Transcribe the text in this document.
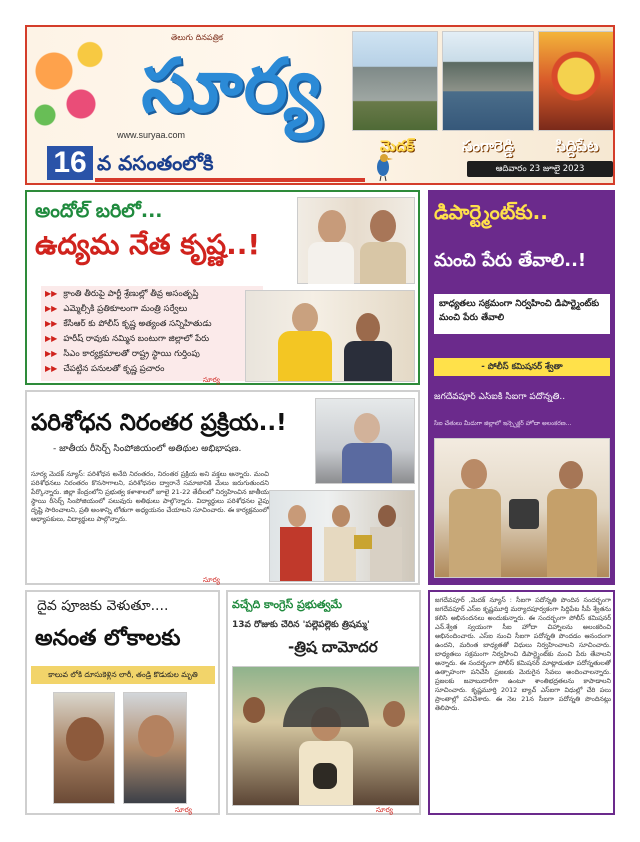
తెలుగు దినపత్రిక
సూర్య
www.suryaa.com
16 వ వసంతంలోకి
మెదక్	సంగారెడ్డి	సిద్దిపేట
ఆదివారం 23 జూలై 2023
అందోల్ బరిలో...
ఉద్యమ నేత కృష్ణ..!
▶▶ క్రాంతి తీరుపై పార్టీ శ్రేణుల్లో తీవ్ర అసంతృప్తి
▶▶ ఎమ్మెల్సీకి ప్రతికూలంగా మంత్రి సర్వేలు
▶▶ కేసీఆర్ కు పోలీస్ కృష్ణ అత్యంత సన్నిహితుడు
▶▶ హరీష్ రావుకు నమ్మిన బంటుగా జిల్లాలో పేరు
▶▶ సీఎం కార్యక్రమాలతో రాష్ట్ర స్థాయి గుర్తింపు
▶▶ చేపట్టిన పనులతో కృష్ణ ప్రచారం
సూర్య
పరిశోధన నిరంతర ప్రక్రియ..!
- జాతీయ రీసెర్చ్ సింపోజియంలో అతిథుల అభిభాషణ.
సూర్య మెదక్ న్యూస్: పరిశోధన అనేది నిరంతరం, నిరంతర ప్రక్రియ అని వక్తలు అన్నారు. మంచి పరిశోధనలు నిరంతరం కొనసాగాలని, పరిశోధనల ద్వారానే సమాజానికి మేలు జరుగుతుందని పేర్కొన్నారు. జిల్లా కేంద్రంలోని ప్రభుత్వ కళాశాలలో జూలై 21-22 తేదీలలో నిర్వహించిన జాతీయ స్థాయి రీసెర్చ్ సింపోజియంలో పలువురు అతిథులు పాల్గొన్నారు. విద్యార్థులు పరిశోధనల వైపు దృష్టి సారించాలని, ప్రతి అంశాన్ని లోతుగా అధ్యయనం చేయాలని సూచించారు. ఈ కార్యక్రమంలో అధ్యాపకులు, విద్యార్థులు పాల్గొన్నారు.
సూర్య
డిపార్ట్మెంట్‌కు..
మంచి పేరు తేవాలి..!
బాధ్యతలు సక్రమంగా నిర్వహించి డిపార్ట్మెంట్‌కు మంచి పేరు తేవాలి
- పోలీస్ కమిషనర్ శ్వేతా
జగదేవపూర్ ఎస్ఐకి సీఐగా పదోన్నతి..
సీఐ చేతులు మీదుగా జిల్లాలో ఇన్స్పెక్టర్ హోదా అలంకరణ...
దైవ పూజకు వెళుతూ....
అనంత లోకాలకు
కాలువ లోకి దూసుకెళ్లిన లారీ, తండ్రి కొడుకుల మృతి
సూర్య
వచ్చేది కాంగ్రెస్ ప్రభుత్వమే
13వ రోజుకు చేరిన 'పల్లెపల్లెకు త్రిషమ్మ'
-త్రిష దామోదర
సూర్య
జగదేవపూర్ ,మెదక్ న్యూస్ : సీఐగా పదోన్నతి పొందిన సందర్భంగా జగదేవపూర్ ఎస్ఐ కృష్ణమూర్తి మర్యాదపూర్వకంగా సిద్దిపేట సీపీ శ్వేతను కలిసి అభినందనలు అందుకున్నారు. ఈ సందర్భంగా పోలీస్ కమిషనర్ ఎన్.శ్వేత స్వయంగా సీఐ హోదా చిహ్నాలను అలంకరించి అభినందించారు. ఎస్ఐ నుంచి సీఐగా పదోన్నతి పొందడం ఆనందంగా ఉందని, మరింత బాధ్యతతో విధులు నిర్వహించాలని సూచించారు. బాధ్యతలు సక్రమంగా నిర్వహించి డిపార్ట్మెంట్‌కు మంచి పేరు తేవాలని అన్నారు. ఈ సందర్భంగా పోలీస్ కమిషనర్ మాట్లాడుతూ పదోన్నతులతో ఉత్సాహంగా పనిచేసి ప్రజలకు మెరుగైన సేవలు అందించాలన్నారు. ప్రజలకు జవాబుదారీగా ఉంటూ శాంతిభద్రతలను కాపాడాలని సూచించారు. కృష్ణమూర్తి 2012 బ్యాచ్ ఎస్ఐగా విధుల్లో చేరి పలు ప్రాంతాల్లో పనిచేశారు. ఈ నెల 21న సీఐగా పదోన్నతి పొందినట్లు తెలిపారు.
